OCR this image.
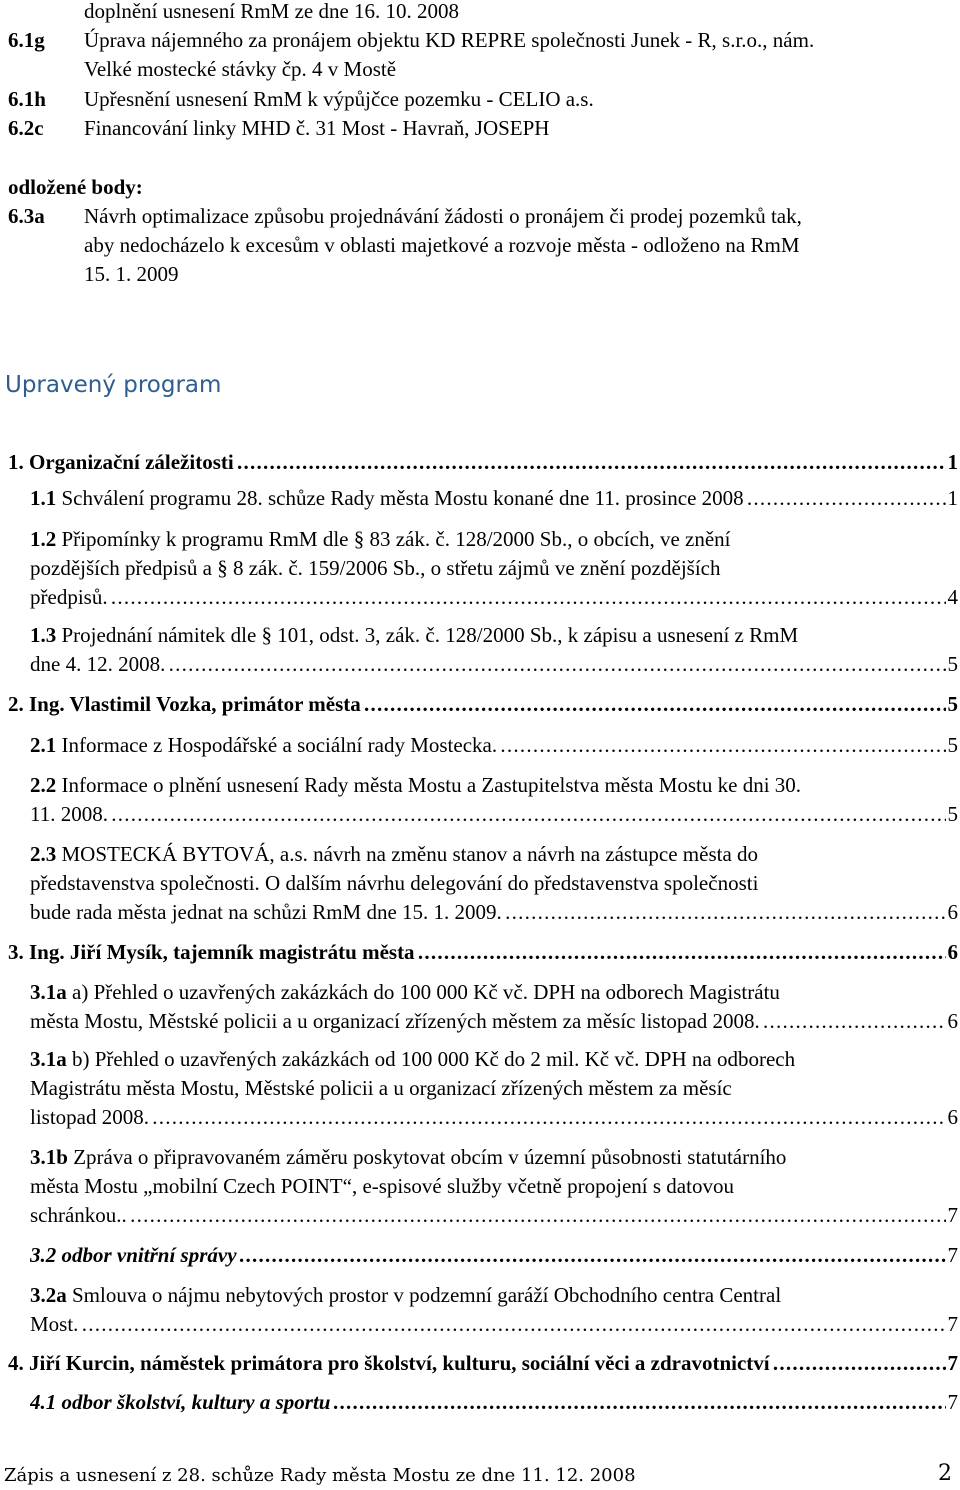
doplnění usnesení RmM ze dne 16. 10. 2008
6.1g Úprava nájemného za pronájem objektu KD REPRE společnosti Junek - R, s.r.o., nám.
Velké mostecké stávky čp. 4 v Mostě
6.1h Upřesnění usnesení RmM k výpůjčce pozemku - CELIO a.s.
6.2c Financování linky MHD č. 31 Most - Havraň, JOSEPH
odložené body:
6.3a Návrh optimalizace způsobu projednávání žádosti o pronájem či prodej pozemků tak,
aby nedocházelo k excesům v oblasti majetkové a rozvoje města - odloženo na RmM
15. 1. 2009
Upravený program
1. Organizační záležitosti . . .	1
1.1 Schválení programu 28. schůze Rady města Mostu konané dne 11. prosince 2008 . . .	1
1.2 Připomínky k programu RmM dle § 83 zák. č. 128/2000 Sb., o obcích, ve znění
pozdějších předpisů a § 8 zák. č. 159/2006 Sb., o střetu zájmů ve znění pozdějších
předpisů. . . .	4
1.3 Projednání námitek dle § 101, odst. 3, zák. č. 128/2000 Sb., k zápisu a usnesení z RmM
dne 4. 12. 2008. . . .	5
2. Ing. Vlastimil Vozka, primátor města . . .	5
2.1 Informace z Hospodářské a sociální rady Mostecka. . . .	5
2.2 Informace o plnění usnesení Rady města Mostu a Zastupitelstva města Mostu ke dni 30.
11. 2008. . . .	5
2.3 MOSTECKÁ BYTOVÁ, a.s. návrh na změnu stanov a návrh na zástupce města do
představenstva společnosti. O dalším návrhu delegování do představenstva společnosti
bude rada města jednat na schůzi RmM dne 15. 1. 2009. . . .	6
3. Ing. Jiří Mysík, tajemník magistrátu města . . .	6
3.1a a) Přehled o uzavřených zakázkách do 100 000 Kč vč. DPH na odborech Magistrátu
města Mostu, Městské policii a u organizací zřízených městem za měsíc listopad 2008. . . .	6
3.1a b) Přehled o uzavřených zakázkách od 100 000 Kč do 2 mil. Kč vč. DPH na odborech
Magistrátu města Mostu, Městské policii a u organizací zřízených městem za měsíc
listopad 2008. . . .	6
3.1b Zpráva o připravovaném záměru poskytovat obcím v územní působnosti statutárního
města Mostu „mobilní Czech POINT“, e-spisové služby včetně propojení s datovou
schránkou.. . . .	7
3.2 odbor vnitřní správy . . .	7
3.2a Smlouva o nájmu nebytových prostor v podzemní garáží Obchodního centra Central
Most. . . .	7
4. Jiří Kurcin, náměstek primátora pro školství, kulturu, sociální věci a zdravotnictví . . .	7
4.1 odbor školství, kultury a sportu . . .	7
Zápis a usnesení z 28. schůze Rady města Mostu ze dne 11. 12. 2008	2
